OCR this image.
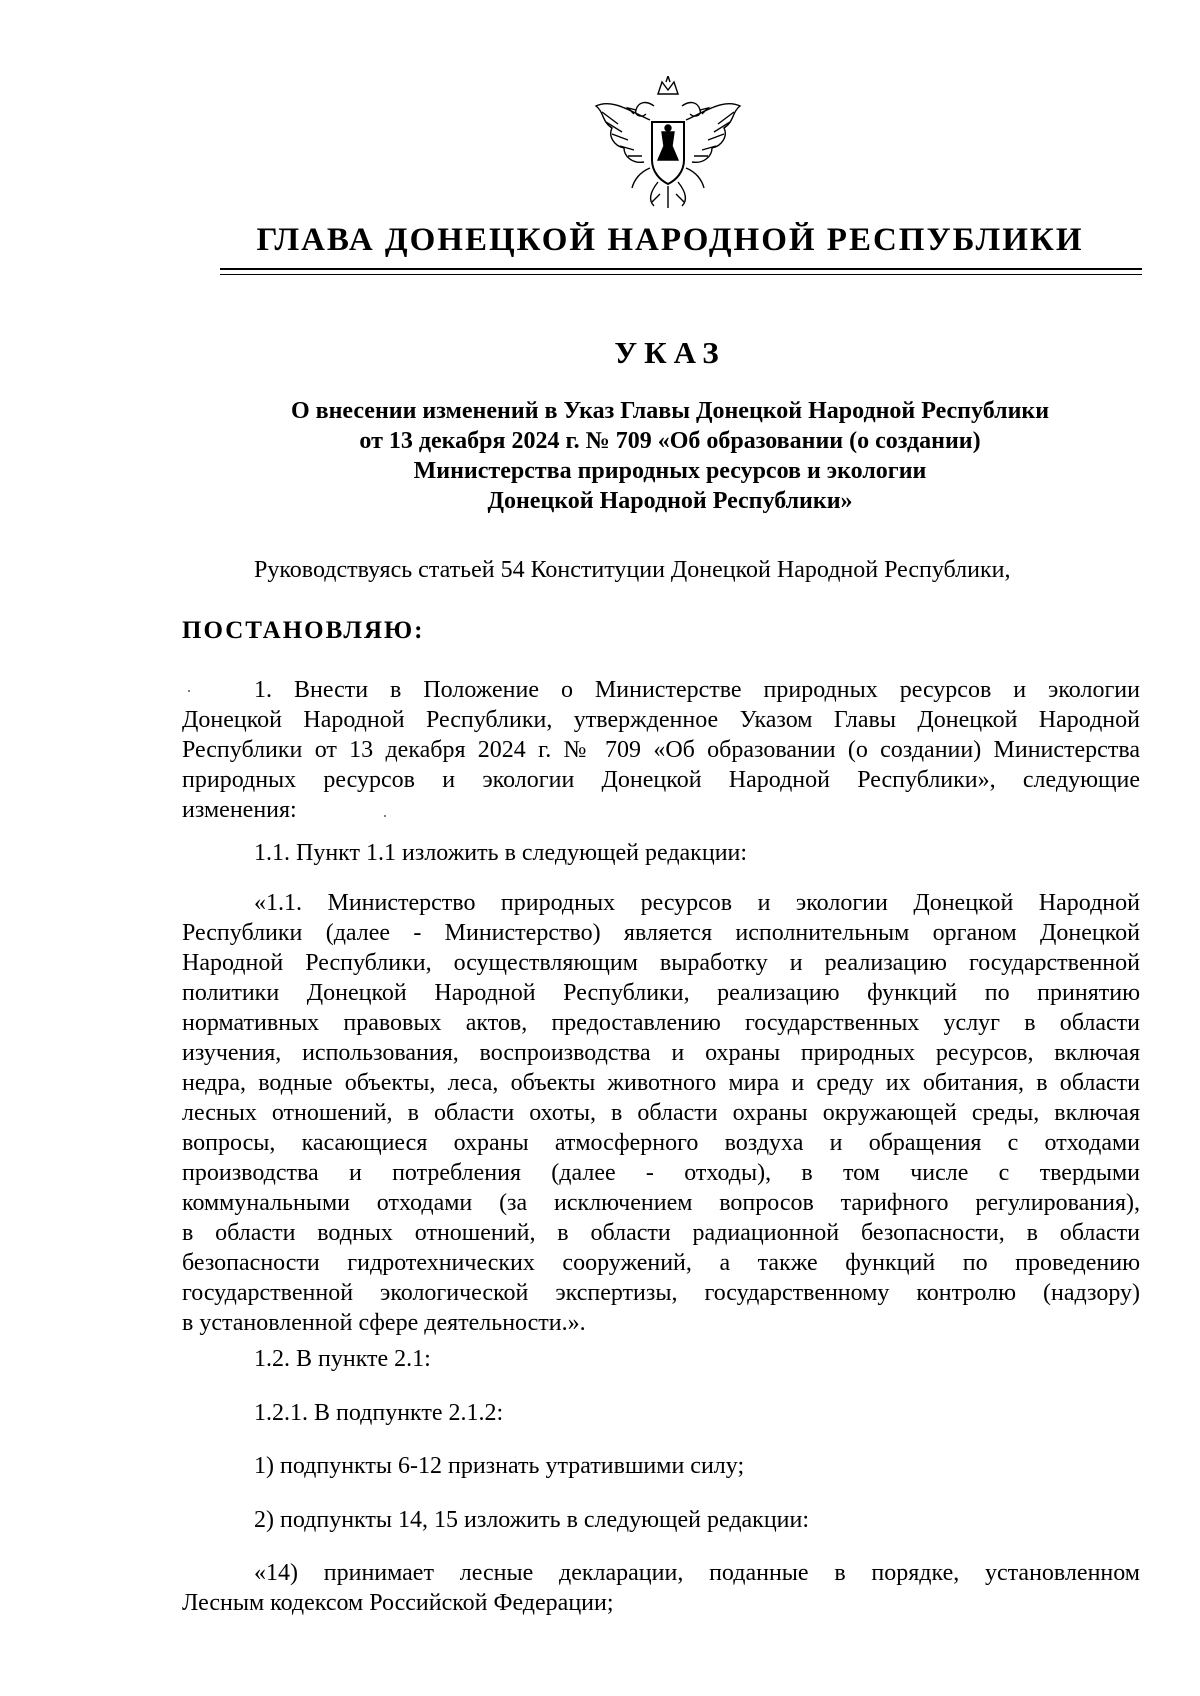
ГЛАВА ДОНЕЦКОЙ НАРОДНОЙ РЕСПУБЛИКИ
УКАЗ
О внесении изменений в Указ Главы Донецкой Народной Республики
от 13 декабря 2024 г. № 709 «Об образовании (о создании)
Министерства природных ресурсов и экологии
Донецкой Народной Республики»
Руководствуясь статьей 54 Конституции Донецкой Народной Республики,
ПОСТАНОВЛЯЮ:
1. Внести в Положение о Министерстве природных ресурсов и экологии
Донецкой Народной Республики, утвержденное Указом Главы Донецкой Народной
Республики от 13 декабря 2024 г. № 709 «Об образовании (о создании) Министерства
природных ресурсов и экологии Донецкой Народной Республики», следующие
изменения:
1.1. Пункт 1.1 изложить в следующей редакции:
«1.1. Министерство природных ресурсов и экологии Донецкой Народной
Республики (далее - Министерство) является исполнительным органом Донецкой
Народной Республики, осуществляющим выработку и реализацию государственной
политики Донецкой Народной Республики, реализацию функций по принятию
нормативных правовых актов, предоставлению государственных услуг в области
изучения, использования, воспроизводства и охраны природных ресурсов, включая
недра, водные объекты, леса, объекты животного мира и среду их обитания, в области
лесных отношений, в области охоты, в области охраны окружающей среды, включая
вопросы, касающиеся охраны атмосферного воздуха и обращения с отходами
производства и потребления (далее - отходы), в том числе с твердыми
коммунальными отходами (за исключением вопросов тарифного регулирования),
в области водных отношений, в области радиационной безопасности, в области
безопасности гидротехнических сооружений, а также функций по проведению
государственной экологической экспертизы, государственному контролю (надзору)
в установленной сфере деятельности.».
1.2. В пункте 2.1:
1.2.1. В подпункте 2.1.2:
1) подпункты 6-12 признать утратившими силу;
2) подпункты 14, 15 изложить в следующей редакции:
«14) принимает лесные декларации, поданные в порядке, установленном
Лесным кодексом Российской Федерации;
